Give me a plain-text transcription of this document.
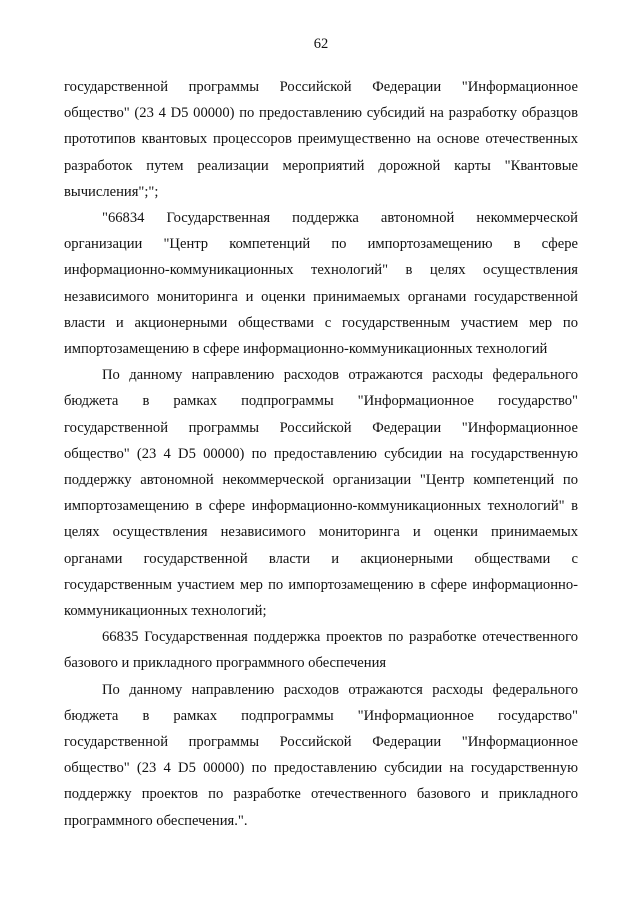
62

государственной программы Российской Федерации "Информационное общество" (23 4 D5 00000) по предоставлению субсидий на разработку образцов прототипов квантовых процессоров преимущественно на основе отечественных разработок путем реализации мероприятий дорожной карты "Квантовые вычисления";";

"66834 Государственная поддержка автономной некоммерческой организации "Центр компетенций по импортозамещению в сфере информационно-коммуникационных технологий" в целях осуществления независимого мониторинга и оценки принимаемых органами государственной власти и акционерными обществами с государственным участием мер по импортозамещению в сфере информационно-коммуникационных технологий

По данному направлению расходов отражаются расходы федерального бюджета в рамках подпрограммы "Информационное государство" государственной программы Российской Федерации "Информационное общество" (23 4 D5 00000) по предоставлению субсидии на государственную поддержку автономной некоммерческой организации "Центр компетенций по импортозамещению в сфере информационно-коммуникационных технологий" в целях осуществления независимого мониторинга и оценки принимаемых органами государственной власти и акционерными обществами с государственным участием мер по импортозамещению в сфере информационно-коммуникационных технологий;

66835 Государственная поддержка проектов по разработке отечественного базового и прикладного программного обеспечения

По данному направлению расходов отражаются расходы федерального бюджета в рамках подпрограммы "Информационное государство" государственной программы Российской Федерации "Информационное общество" (23 4 D5 00000) по предоставлению субсидии на государственную поддержку проектов по разработке отечественного базового и прикладного программного обеспечения.".
